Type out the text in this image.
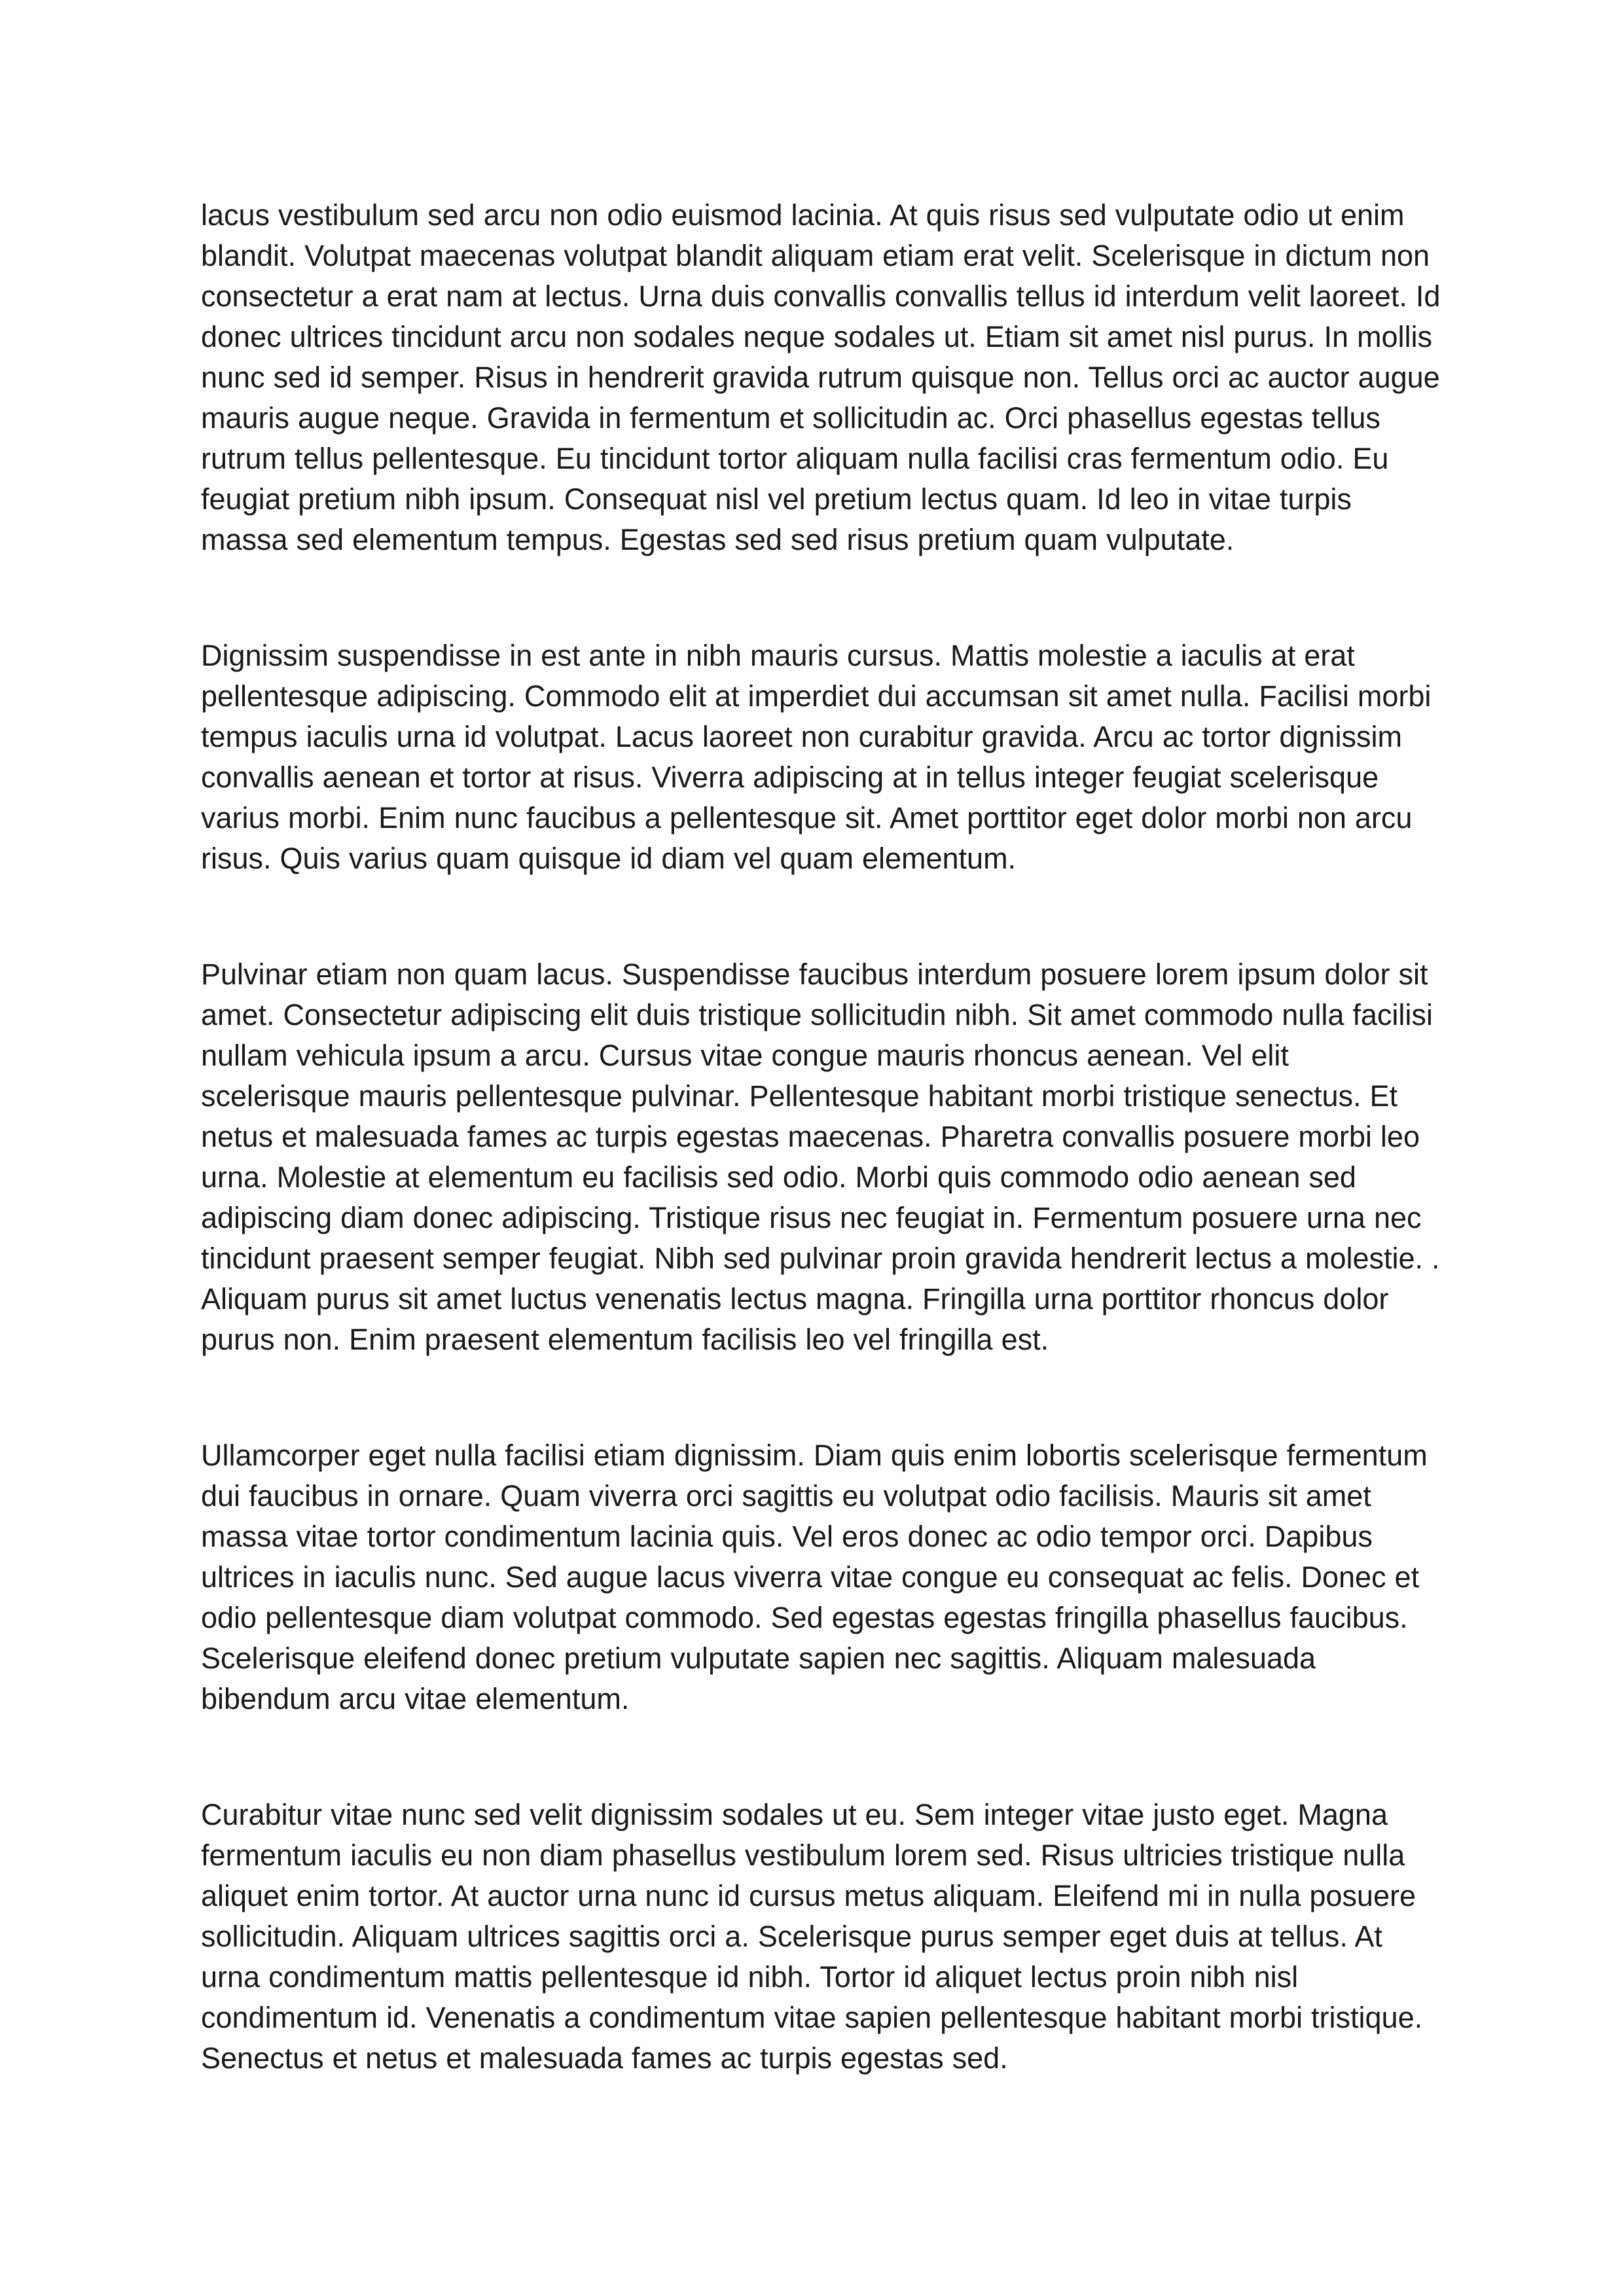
lacus vestibulum sed arcu non odio euismod lacinia. At quis risus sed vulputate odio ut enim blandit. Volutpat maecenas volutpat blandit aliquam etiam erat velit. Scelerisque in dictum non consectetur a erat nam at lectus. Urna duis convallis convallis tellus id interdum velit laoreet. Id donec ultrices tincidunt arcu non sodales neque sodales ut. Etiam sit amet nisl purus. In mollis nunc sed id semper. Risus in hendrerit gravida rutrum quisque non. Tellus orci ac auctor augue mauris augue neque. Gravida in fermentum et sollicitudin ac. Orci phasellus egestas tellus rutrum tellus pellentesque. Eu tincidunt tortor aliquam nulla facilisi cras fermentum odio. Eu feugiat pretium nibh ipsum. Consequat nisl vel pretium lectus quam. Id leo in vitae turpis massa sed elementum tempus. Egestas sed sed risus pretium quam vulputate.

Dignissim suspendisse in est ante in nibh mauris cursus. Mattis molestie a iaculis at erat pellentesque adipiscing. Commodo elit at imperdiet dui accumsan sit amet nulla. Facilisi morbi tempus iaculis urna id volutpat. Lacus laoreet non curabitur gravida. Arcu ac tortor dignissim convallis aenean et tortor at risus. Viverra adipiscing at in tellus integer feugiat scelerisque varius morbi. Enim nunc faucibus a pellentesque sit. Amet porttitor eget dolor morbi non arcu risus. Quis varius quam quisque id diam vel quam elementum.

Pulvinar etiam non quam lacus. Suspendisse faucibus interdum posuere lorem ipsum dolor sit amet. Consectetur adipiscing elit duis tristique sollicitudin nibh. Sit amet commodo nulla facilisi nullam vehicula ipsum a arcu. Cursus vitae congue mauris rhoncus aenean. Vel elit scelerisque mauris pellentesque pulvinar. Pellentesque habitant morbi tristique senectus. Et netus et malesuada fames ac turpis egestas maecenas. Pharetra convallis posuere morbi leo urna. Molestie at elementum eu facilisis sed odio. Morbi quis commodo odio aenean sed adipiscing diam donec adipiscing. Tristique risus nec feugiat in. Fermentum posuere urna nec tincidunt praesent semper feugiat. Nibh sed pulvinar proin gravida hendrerit lectus a molestie. . Aliquam purus sit amet luctus venenatis lectus magna. Fringilla urna porttitor rhoncus dolor purus non. Enim praesent elementum facilisis leo vel fringilla est.

Ullamcorper eget nulla facilisi etiam dignissim. Diam quis enim lobortis scelerisque fermentum dui faucibus in ornare. Quam viverra orci sagittis eu volutpat odio facilisis. Mauris sit amet massa vitae tortor condimentum lacinia quis. Vel eros donec ac odio tempor orci. Dapibus ultrices in iaculis nunc. Sed augue lacus viverra vitae congue eu consequat ac felis. Donec et odio pellentesque diam volutpat commodo. Sed egestas egestas fringilla phasellus faucibus. Scelerisque eleifend donec pretium vulputate sapien nec sagittis. Aliquam malesuada bibendum arcu vitae elementum.

Curabitur vitae nunc sed velit dignissim sodales ut eu. Sem integer vitae justo eget. Magna fermentum iaculis eu non diam phasellus vestibulum lorem sed. Risus ultricies tristique nulla aliquet enim tortor. At auctor urna nunc id cursus metus aliquam. Eleifend mi in nulla posuere sollicitudin. Aliquam ultrices sagittis orci a. Scelerisque purus semper eget duis at tellus. At urna condimentum mattis pellentesque id nibh. Tortor id aliquet lectus proin nibh nisl condimentum id. Venenatis a condimentum vitae sapien pellentesque habitant morbi tristique. Senectus et netus et malesuada fames ac turpis egestas sed.
